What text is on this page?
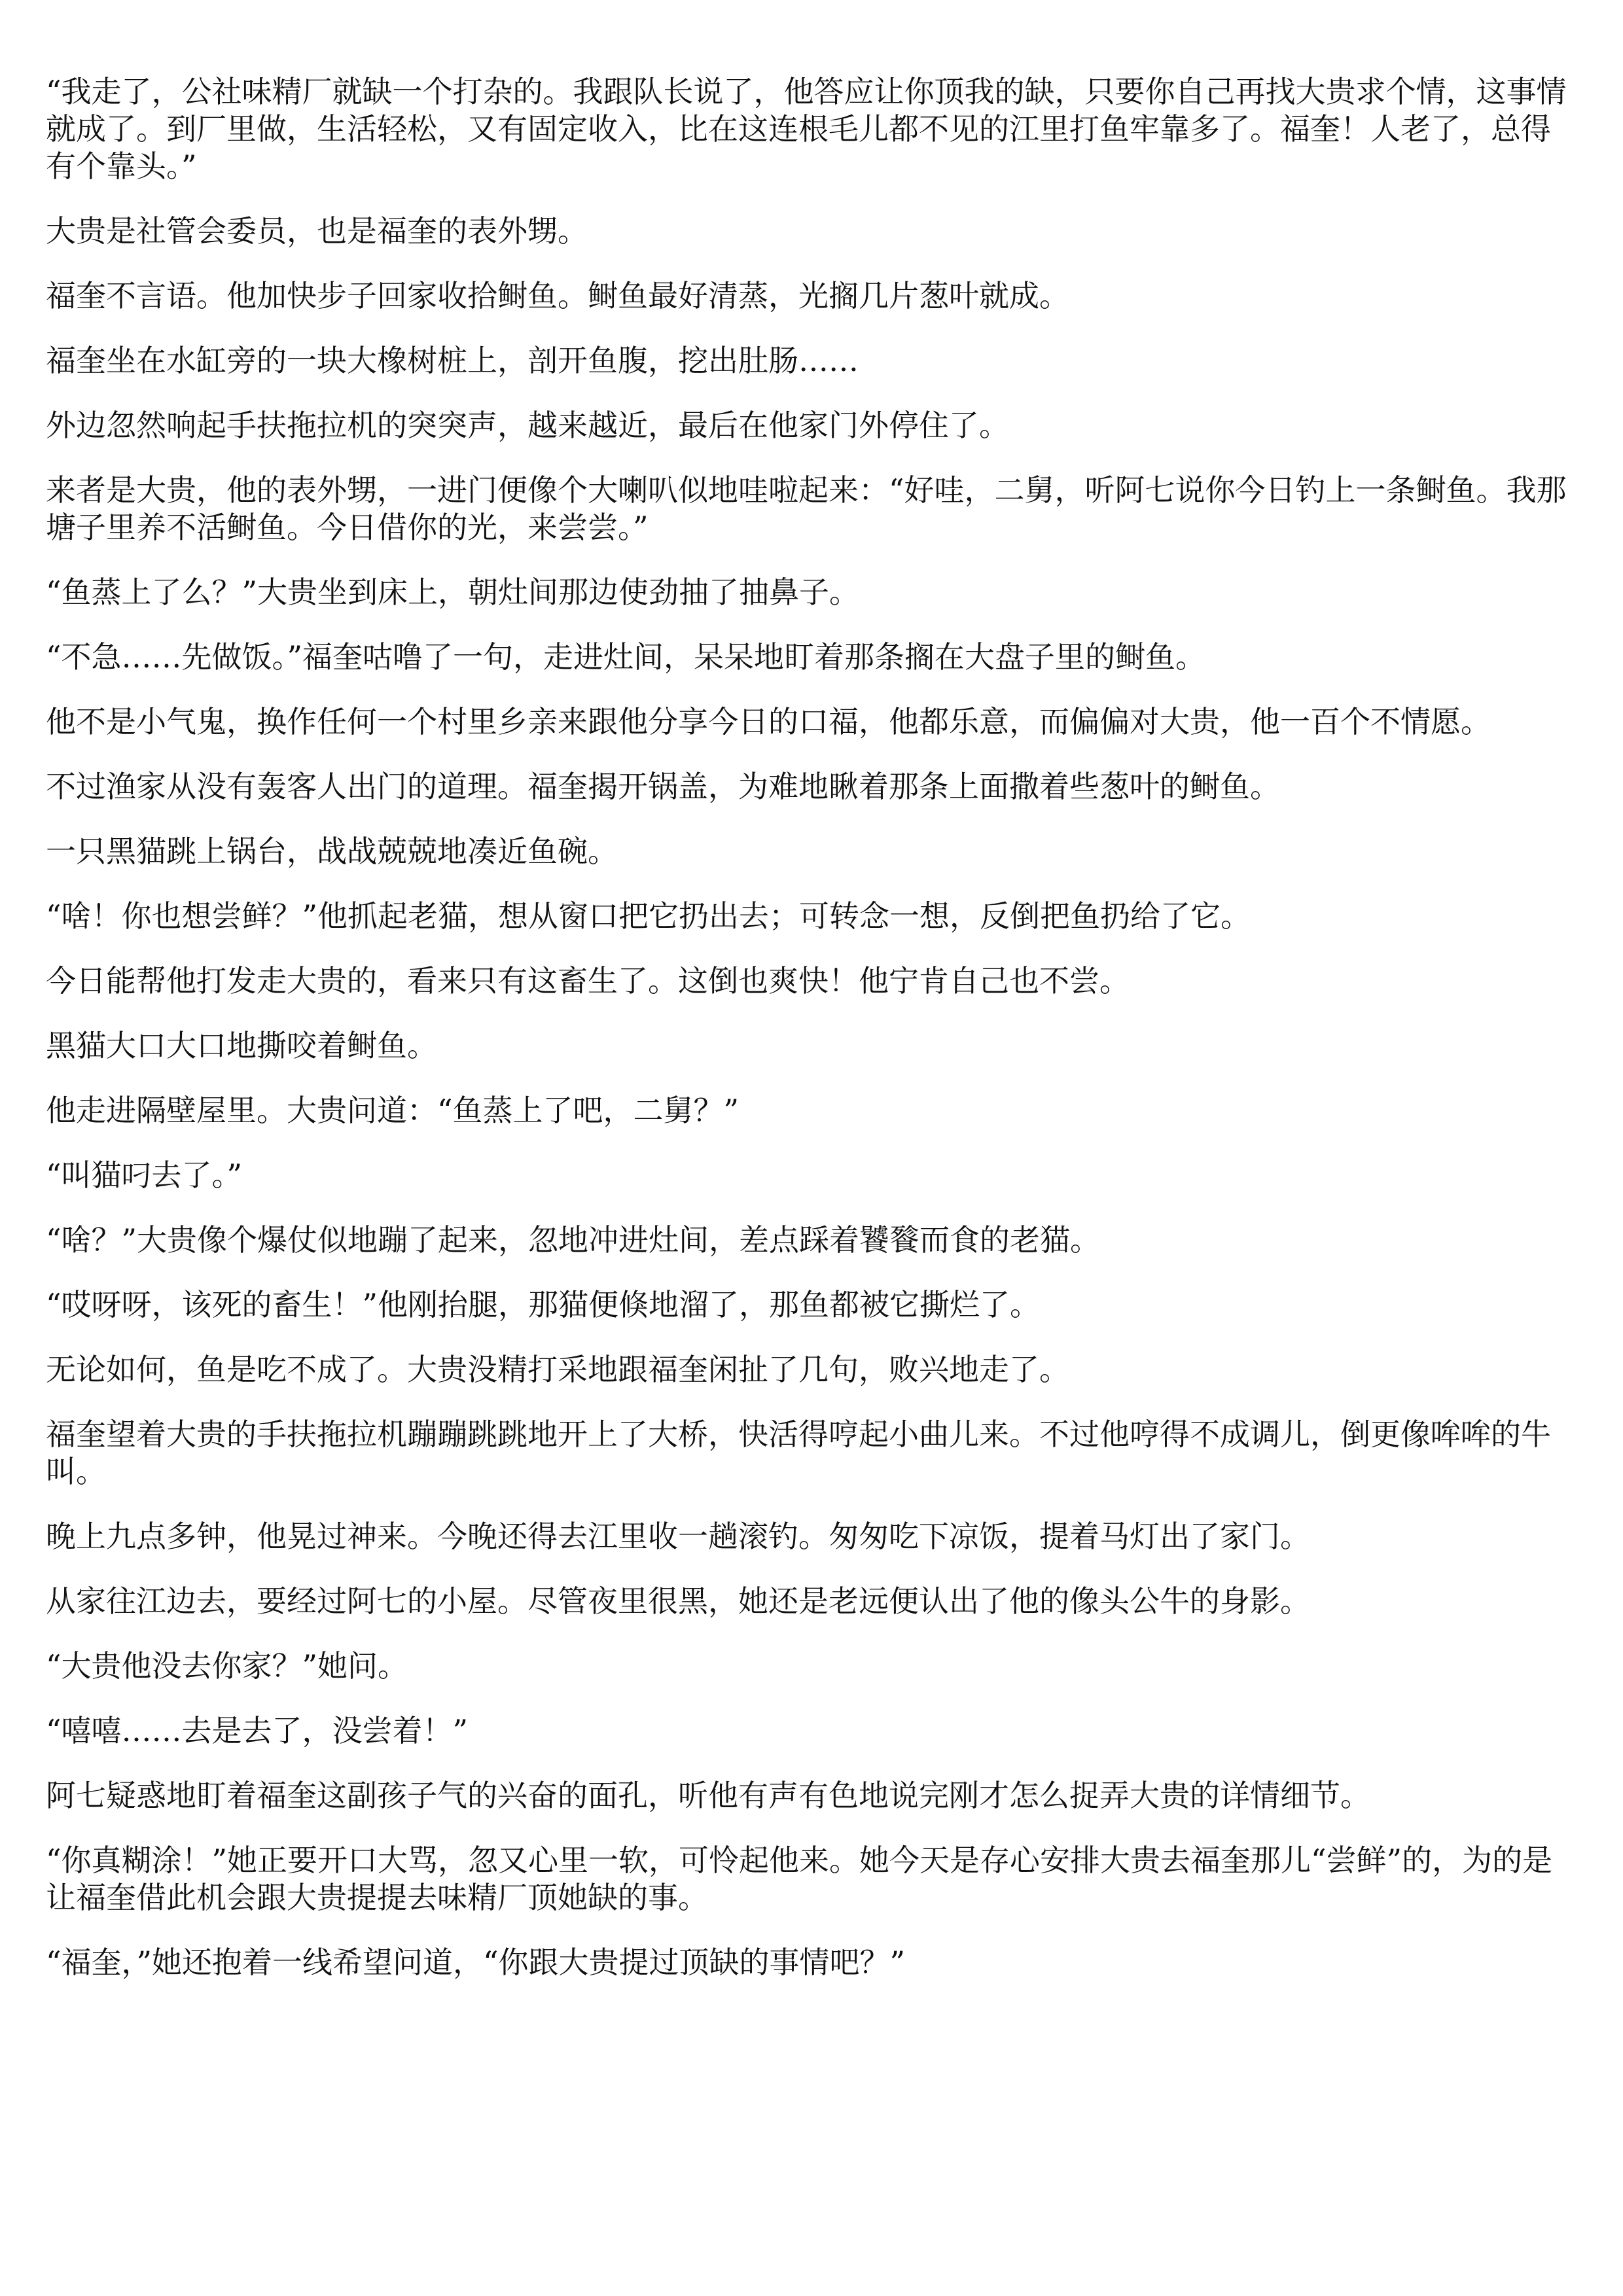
“我走了，公社味精厂就缺一个打杂的。我跟队长说了，他答应让你顶我的缺，只要你自己再找大贵求个情，这事情就成了。到厂里做，生活轻松，又有固定收入，比在这连根毛儿都不见的江里打鱼牢靠多了。福奎！人老了，总得有个靠头。”

大贵是社管会委员，也是福奎的表外甥。

福奎不言语。他加快步子回家收拾鲥鱼。鲥鱼最好清蒸，光搁几片葱叶就成。

福奎坐在水缸旁的一块大橡树桩上，剖开鱼腹，挖出肚肠……

外边忽然响起手扶拖拉机的突突声，越来越近，最后在他家门外停住了。

来者是大贵，他的表外甥，一进门便像个大喇叭似地哇啦起来：“好哇，二舅，听阿七说你今日钓上一条鲥鱼。我那塘子里养不活鲥鱼。今日借你的光，来尝尝。”

“鱼蒸上了么？”大贵坐到床上，朝灶间那边使劲抽了抽鼻子。

“不急……先做饭。”福奎咕噜了一句，走进灶间，呆呆地盯着那条搁在大盘子里的鲥鱼。

他不是小气鬼，换作任何一个村里乡亲来跟他分享今日的口福，他都乐意，而偏偏对大贵，他一百个不情愿。

不过渔家从没有轰客人出门的道理。福奎揭开锅盖，为难地瞅着那条上面撒着些葱叶的鲥鱼。

一只黑猫跳上锅台，战战兢兢地凑近鱼碗。

“啥！你也想尝鲜？”他抓起老猫，想从窗口把它扔出去；可转念一想，反倒把鱼扔给了它。

今日能帮他打发走大贵的，看来只有这畜生了。这倒也爽快！他宁肯自己也不尝。

黑猫大口大口地撕咬着鲥鱼。

他走进隔壁屋里。大贵问道：“鱼蒸上了吧，二舅？”

“叫猫叼去了。”

“啥？”大贵像个爆仗似地蹦了起来，忽地冲进灶间，差点踩着饕餮而食的老猫。

“哎呀呀，该死的畜生！”他刚抬腿，那猫便倏地溜了，那鱼都被它撕烂了。

无论如何，鱼是吃不成了。大贵没精打采地跟福奎闲扯了几句，败兴地走了。

福奎望着大贵的手扶拖拉机蹦蹦跳跳地开上了大桥，快活得哼起小曲儿来。不过他哼得不成调儿，倒更像哞哞的牛叫。

晚上九点多钟，他晃过神来。今晚还得去江里收一趟滚钓。匆匆吃下凉饭，提着马灯出了家门。

从家往江边去，要经过阿七的小屋。尽管夜里很黑，她还是老远便认出了他的像头公牛的身影。

“大贵他没去你家？”她问。

“嘻嘻……去是去了，没尝着！”

阿七疑惑地盯着福奎这副孩子气的兴奋的面孔，听他有声有色地说完刚才怎么捉弄大贵的详情细节。

“你真糊涂！”她正要开口大骂，忽又心里一软，可怜起他来。她今天是存心安排大贵去福奎那儿“尝鲜”的，为的是让福奎借此机会跟大贵提提去味精厂顶她缺的事。

“福奎，”她还抱着一线希望问道，“你跟大贵提过顶缺的事情吧？”
